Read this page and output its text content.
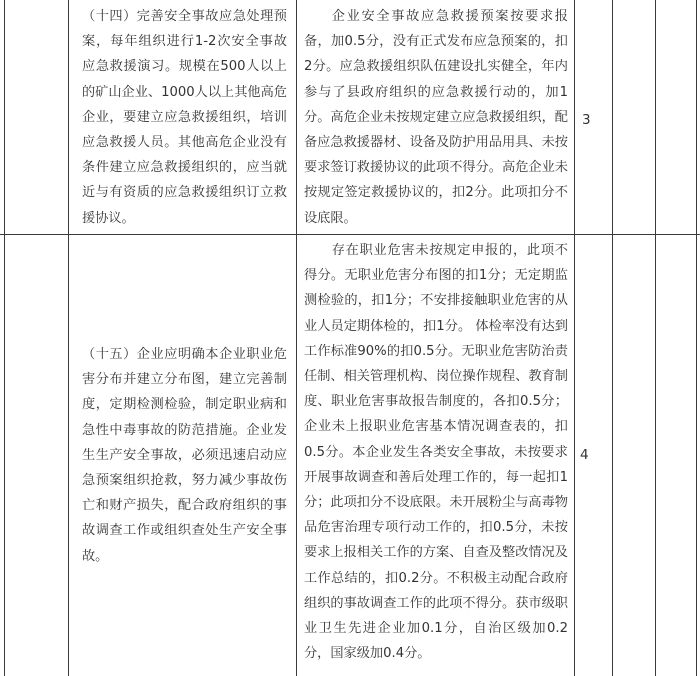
（十四）完善安全事故应急处理预案，每年组织进行1-2次安全事故应急救援演习。规模在500人以上的矿山企业、1000人以上其他高危企业，要建立应急救援组织，培训应急救援人员。其他高危企业没有条件建立应急救援组织的，应当就近与有资质的应急救援组织订立救援协议。
企业安全事故应急救援预案按要求报备，加0.5分，没有正式发布应急预案的，扣2分。应急救援组织队伍建设扎实健全，年内参与了县政府组织的应急救援行动的，加1分。高危企业未按规定建立应急救援组织，配备应急救援器材、设备及防护用品用具、未按要求签订救援协议的此项不得分。高危企业未按规定签定救援协议的，扣2分。此项扣分不设底限。
3
（十五）企业应明确本企业职业危害分布并建立分布图，建立完善制度，定期检测检验，制定职业病和急性中毒事故的防范措施。企业发生生产安全事故，必须迅速启动应急预案组织抢救，努力减少事故伤亡和财产损失，配合政府组织的事故调查工作或组织查处生产安全事故。
存在职业危害未按规定申报的，此项不得分。无职业危害分布图的扣1分；无定期监测检验的，扣1分；不安排接触职业危害的从业人员定期体检的，扣1分。 体检率没有达到工作标准90%的扣0.5分。无职业危害防治责任制、相关管理机构、岗位操作规程、教育制度、职业危害事故报告制度的，各扣0.5分；企业未上报职业危害基本情况调查表的，扣0.5分。本企业发生各类安全事故，未按要求开展事故调查和善后处理工作的，每一起扣1分；此项扣分不设底限。未开展粉尘与高毒物品危害治理专项行动工作的，扣0.5分，未按要求上报相关工作的方案、自查及整改情况及工作总结的，扣0.2分。不积极主动配合政府组织的事故调查工作的此项不得分。获市级职业卫生先进企业加0.1分，自治区级加0.2分，国家级加0.4分。
4
